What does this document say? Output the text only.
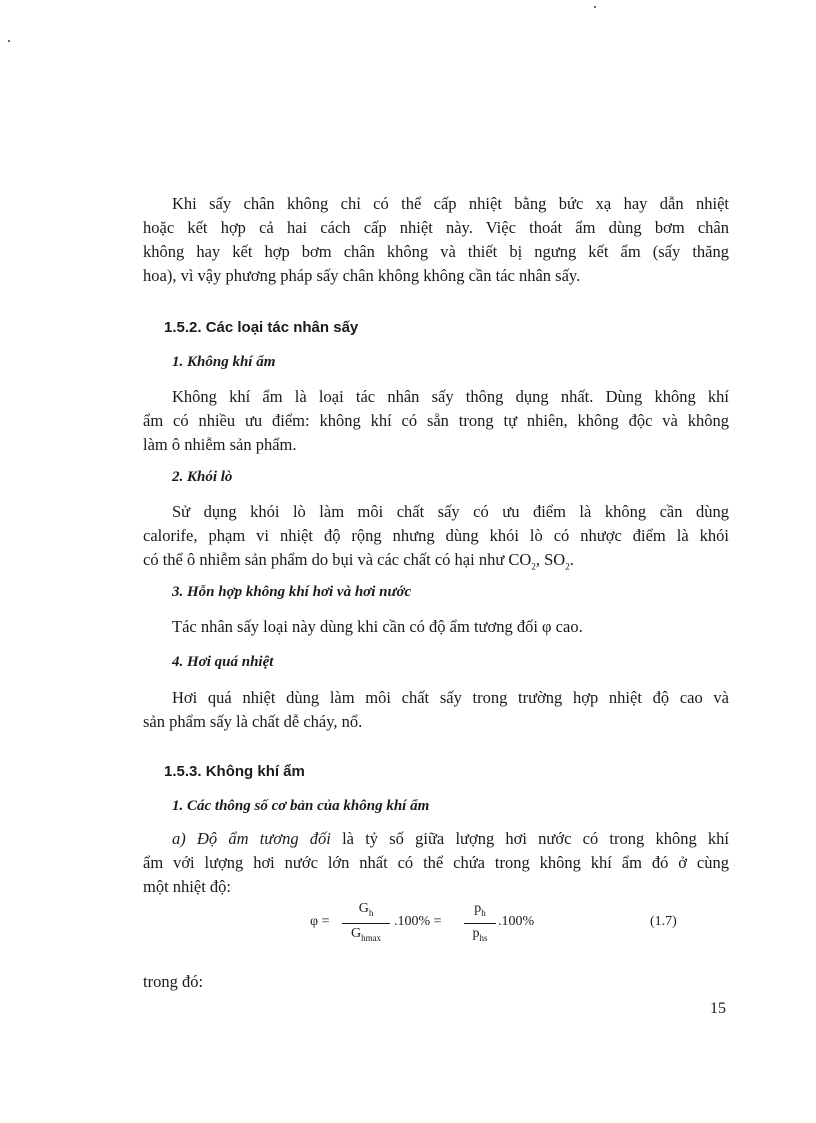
Khi sấy chân không chỉ có thể cấp nhiệt bằng bức xạ hay dẫn nhiệt
hoặc kết hợp cả hai cách cấp nhiệt này. Việc thoát ẩm dùng bơm chân
không hay kết hợp bơm chân không và thiết bị ngưng kết ẩm (sấy thăng
hoa), vì vậy phương pháp sấy chân không không cần tác nhân sấy.
1.5.2. Các loại tác nhân sấy
1. Không khí ẩm
Không khí ẩm là loại tác nhân sấy thông dụng nhất. Dùng không khí
ẩm có nhiều ưu điểm: không khí có sẵn trong tự nhiên, không độc và không
làm ô nhiễm sản phẩm.
2. Khói lò
Sử dụng khói lò làm môi chất sấy có ưu điểm là không cần dùng
calorife, phạm vi nhiệt độ rộng nhưng dùng khói lò có nhược điểm là khói
có thể ô nhiễm sản phẩm do bụi và các chất có hại như $CO_2$, $SO_2$.
3. Hỗn hợp không khí hơi và hơi nước
Tác nhân sấy loại này dùng khi cần có độ ẩm tương đối φ cao.
4. Hơi quá nhiệt
Hơi quá nhiệt dùng làm môi chất sấy trong trường hợp nhiệt độ cao và
sản phẩm sấy là chất dễ cháy, nổ.
1.5.3. Không khí ẩm
1. Các thông số cơ bản của không khí ẩm
a) Độ ẩm tương đối là tỷ số giữa lượng hơi nước có trong không khí
ẩm với lượng hơi nước lớn nhất có thể chứa trong không khí ẩm đó ở cùng
một nhiệt độ:
φ =
$G_h$
$G_{hmax}$
.100% =
$p_h$
$p_{hs}$
.100%	(1.7)
trong đó:
15
